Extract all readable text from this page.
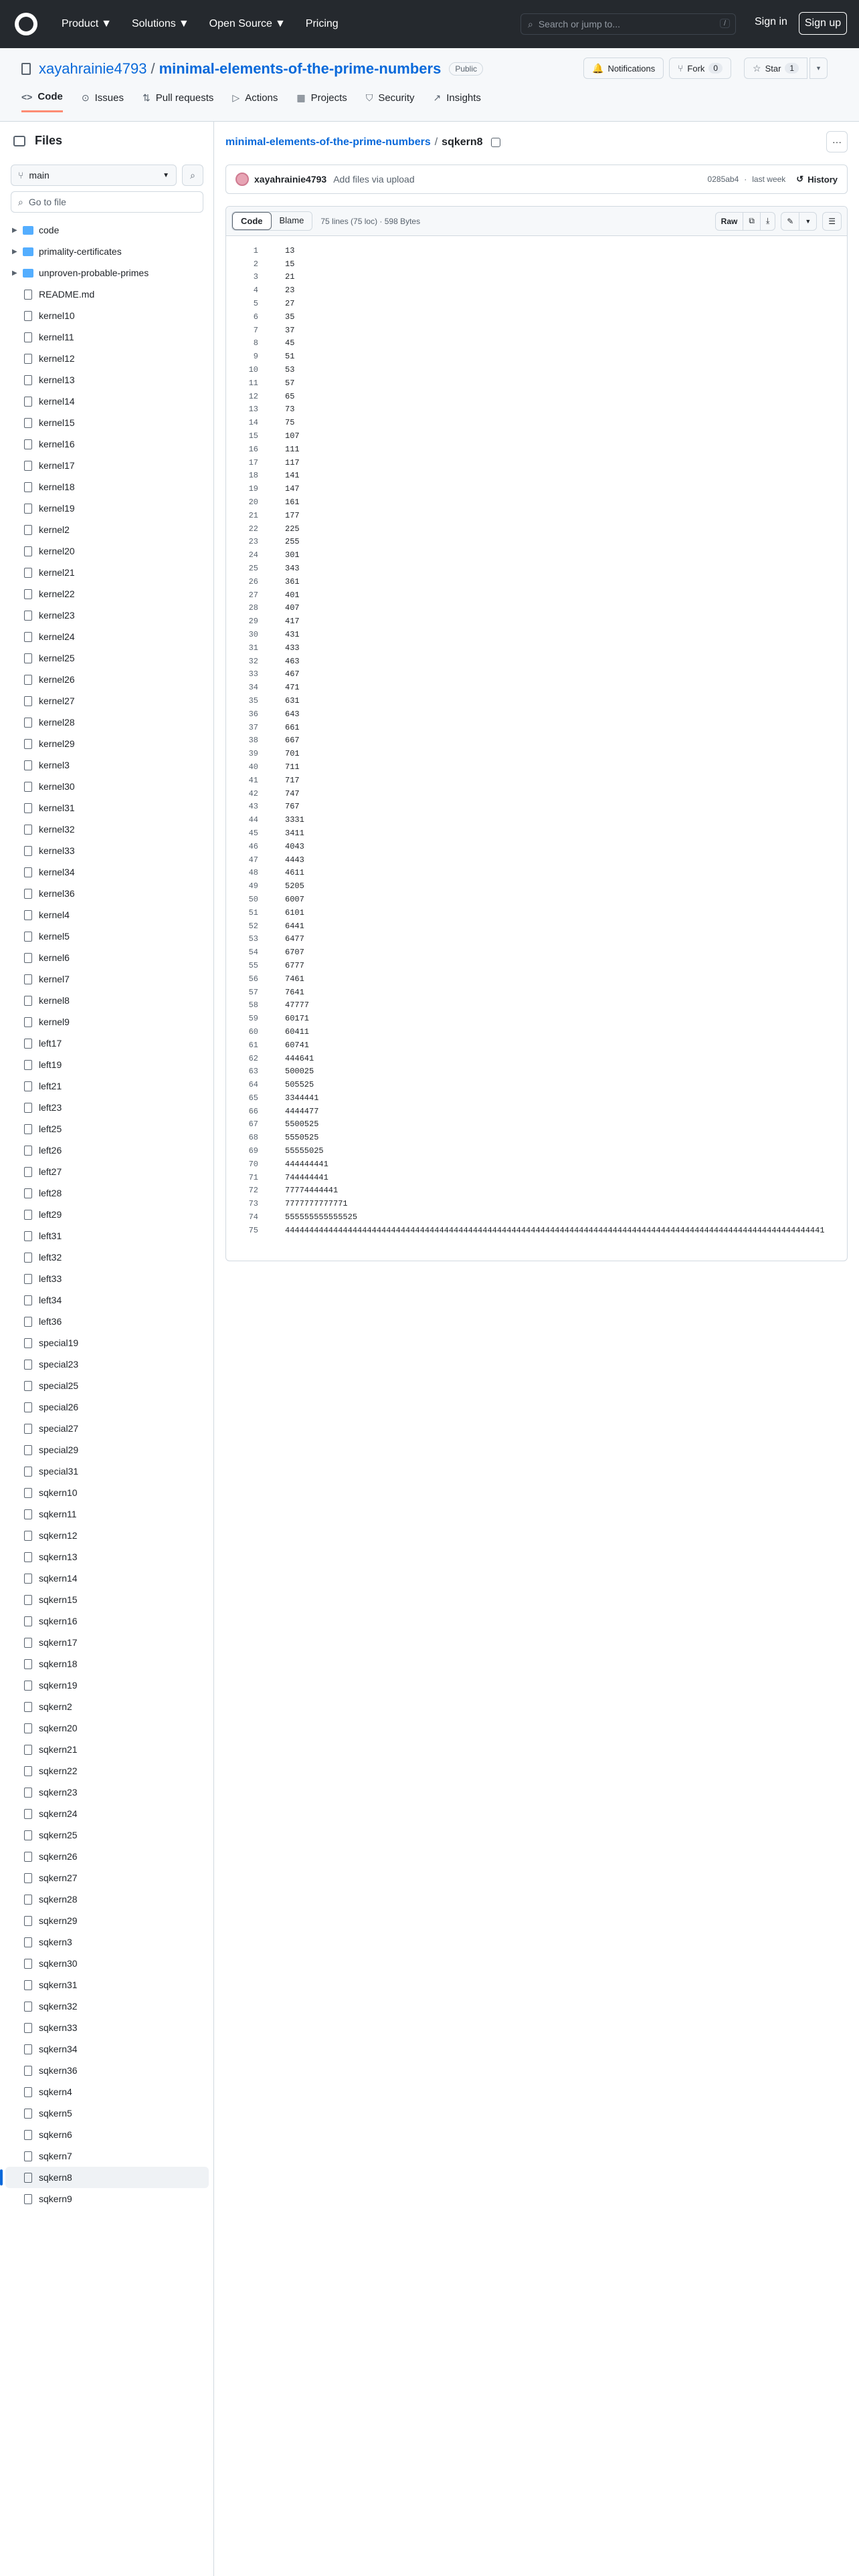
Product ▼ Solutions ▼ Open Source ▼ Pricing	⌕ Search or jump to...	/	Sign in	Sign up
xayahrainie4793 / minimal-elements-of-the-prime-numbers	Public	🔔 Notifications ⑂ Fork	0	☆ Star	1	▼
<> Code ⊙ Issues ⇅ Pull requests ▷ Actions ▦ Projects ⛉ Security ↗ Insights
Files
⑂ main	▼ ⌕
⌕ Go to file
▶	code
▶	primality-certificates
▶	unproven-probable-primes
README.md
kernel10
kernel11
kernel12
kernel13
kernel14
kernel15
kernel16
kernel17
kernel18
kernel19
kernel2
kernel20
kernel21
kernel22
kernel23
kernel24
kernel25
kernel26
kernel27
kernel28
kernel29
kernel3
kernel30
kernel31
kernel32
kernel33
kernel34
kernel36
kernel4
kernel5
kernel6
kernel7
kernel8
kernel9
left17
left19
left21
left23
left25
left26
left27
left28
left29
left31
left32
left33
left34
left36
special19
special23
special25
special26
special27
special29
special31
sqkern10
sqkern11
sqkern12
sqkern13
sqkern14
sqkern15
sqkern16
sqkern17
sqkern18
sqkern19
sqkern2
sqkern20
sqkern21
sqkern22
sqkern23
sqkern24
sqkern25
sqkern26
sqkern27
sqkern28
sqkern29
sqkern3
sqkern30
sqkern31
sqkern32
sqkern33
sqkern34
sqkern36
sqkern4
sqkern5
sqkern6
sqkern7
sqkern8
sqkern9
minimal-elements-of-the-prime-numbers / sqkern8	···
xayahrainie4793 Add files via upload	0285ab4 · last week ↺ History
Code	Blame	75 lines (75 loc) · 598 Bytes	Raw	⧉	⤓	✎	▼	☰
1	13
2	15
3	21
4	23
5	27
6	35
7	37
8	45
9	51
10	53
11	57
12	65
13	73
14	75
15	107
16	111
17	117
18	141
19	147
20	161
21	177
22	225
23	255
24	301
25	343
26	361
27	401
28	407
29	417
30	431
31	433
32	463
33	467
34	471
35	631
36	643
37	661
38	667
39	701
40	711
41	717
42	747
43	767
44	3331
45	3411
46	4043
47	4443
48	4611
49	5205
50	6007
51	6101
52	6441
53	6477
54	6707
55	6777
56	7461
57	7641
58	47777
59	60171
60	60411
61	60741
62	444641
63	500025
64	505525
65	3344441
66	4444477
67	5500525
68	5550525
69	55555025
70	444444441
71	744444441
72	77774444441
73	7777777777771
74	555555555555525
75	4444444444444444444444444444444444444444444444444444444444444444444444444444444444444444444444444444444444444441
